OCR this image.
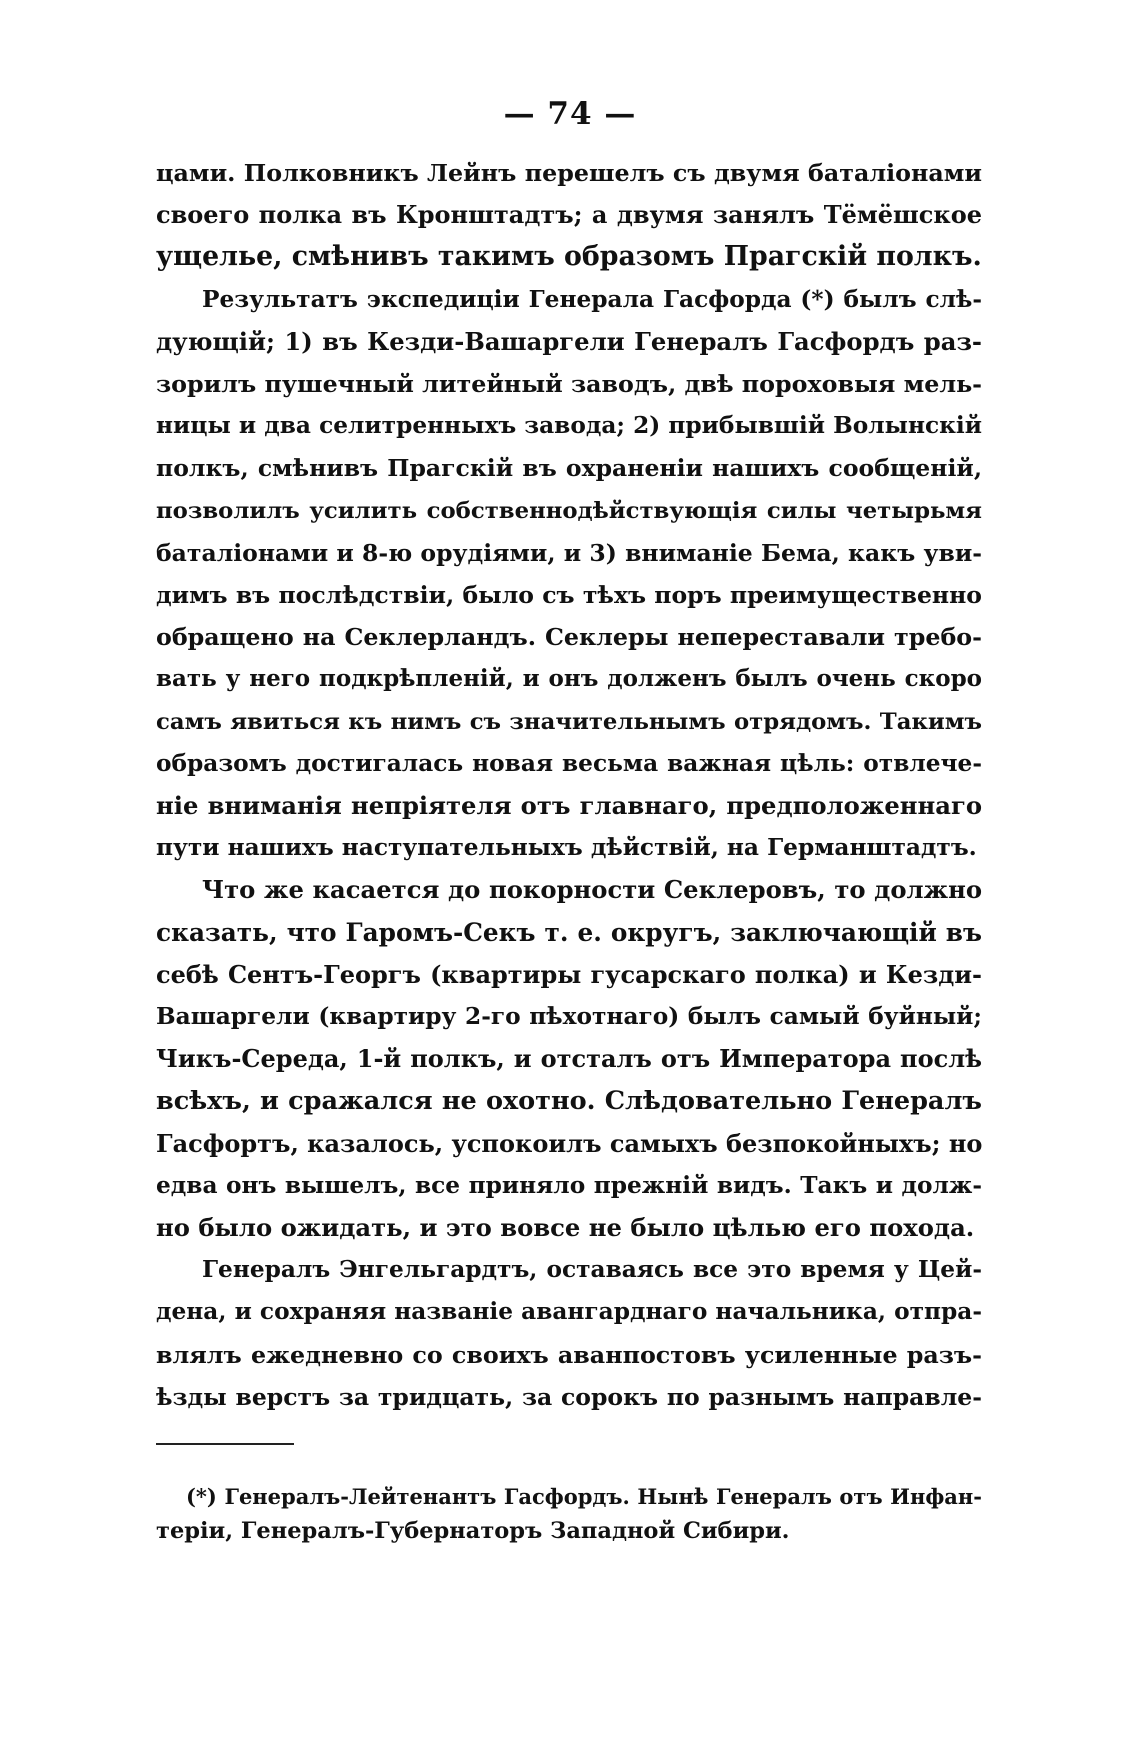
— 74 —

цами. Полковникъ Лейнъ перешелъ съ двумя баталіонами
своего полка въ Кронштадтъ; а двумя занялъ Тёмёшское
ущелье, смѣнивъ такимъ образомъ Прагскій полкъ.

Результатъ экспедиціи Генерала Гасфорда (*) былъ слѣ-
дующій; 1) въ Кезди-Вашаргели Генералъ Гасфордъ раз-
зорилъ пушечный литейный заводъ, двѣ пороховыя мель-
ницы и два селитренныхъ завода; 2) прибывшій Волынскій
полкъ, смѣнивъ Прагскій въ охраненіи нашихъ сообщеній,
позволилъ усилить собственнодѣйствующія силы четырьмя
баталіонами и 8-ю орудіями, и 3) вниманіе Бема, какъ уви-
димъ въ послѣдствіи, было съ тѣхъ поръ преимущественно
обращено на Секлерландъ. Секлеры непереставали требо-
вать у него подкрѣпленій, и онъ долженъ былъ очень скоро
самъ явиться къ нимъ съ значительнымъ отрядомъ. Такимъ
образомъ достигалась новая весьма важная цѣль: отвлече-
ніе вниманія непріятеля отъ главнаго, предположеннаго
пути нашихъ наступательныхъ дѣйствій, на Германштадтъ.

Что же касается до покорности Секлеровъ, то должно
сказать, что Гаромъ-Секъ т. е. округъ, заключающій въ
себѣ Сентъ-Георгъ (квартиры гусарскаго полка) и Кезди-
Вашаргели (квартиру 2-го пѣхотнаго) былъ самый буйный;
Чикъ-Середа, 1-й полкъ, и отсталъ отъ Императора послѣ
всѣхъ, и сражался не охотно. Слѣдовательно Генералъ
Гасфортъ, казалось, успокоилъ самыхъ безпокойныхъ; но
едва онъ вышелъ, все приняло прежній видъ. Такъ и долж-
но было ожидать, и это вовсе не было цѣлью его похода.

Генералъ Энгельгардтъ, оставаясь все это время у Цей-
дена, и сохраняя названіе авангарднаго начальника, отпра-
влялъ ежедневно со своихъ аванпостовъ усиленные разъ-
ѣзды верстъ за тридцать, за сорокъ по разнымъ направле-

(*) Генералъ-Лейтенантъ Гасфордъ. Нынѣ Генералъ отъ Инфан-
теріи, Генералъ-Губернаторъ Западной Сибири.
